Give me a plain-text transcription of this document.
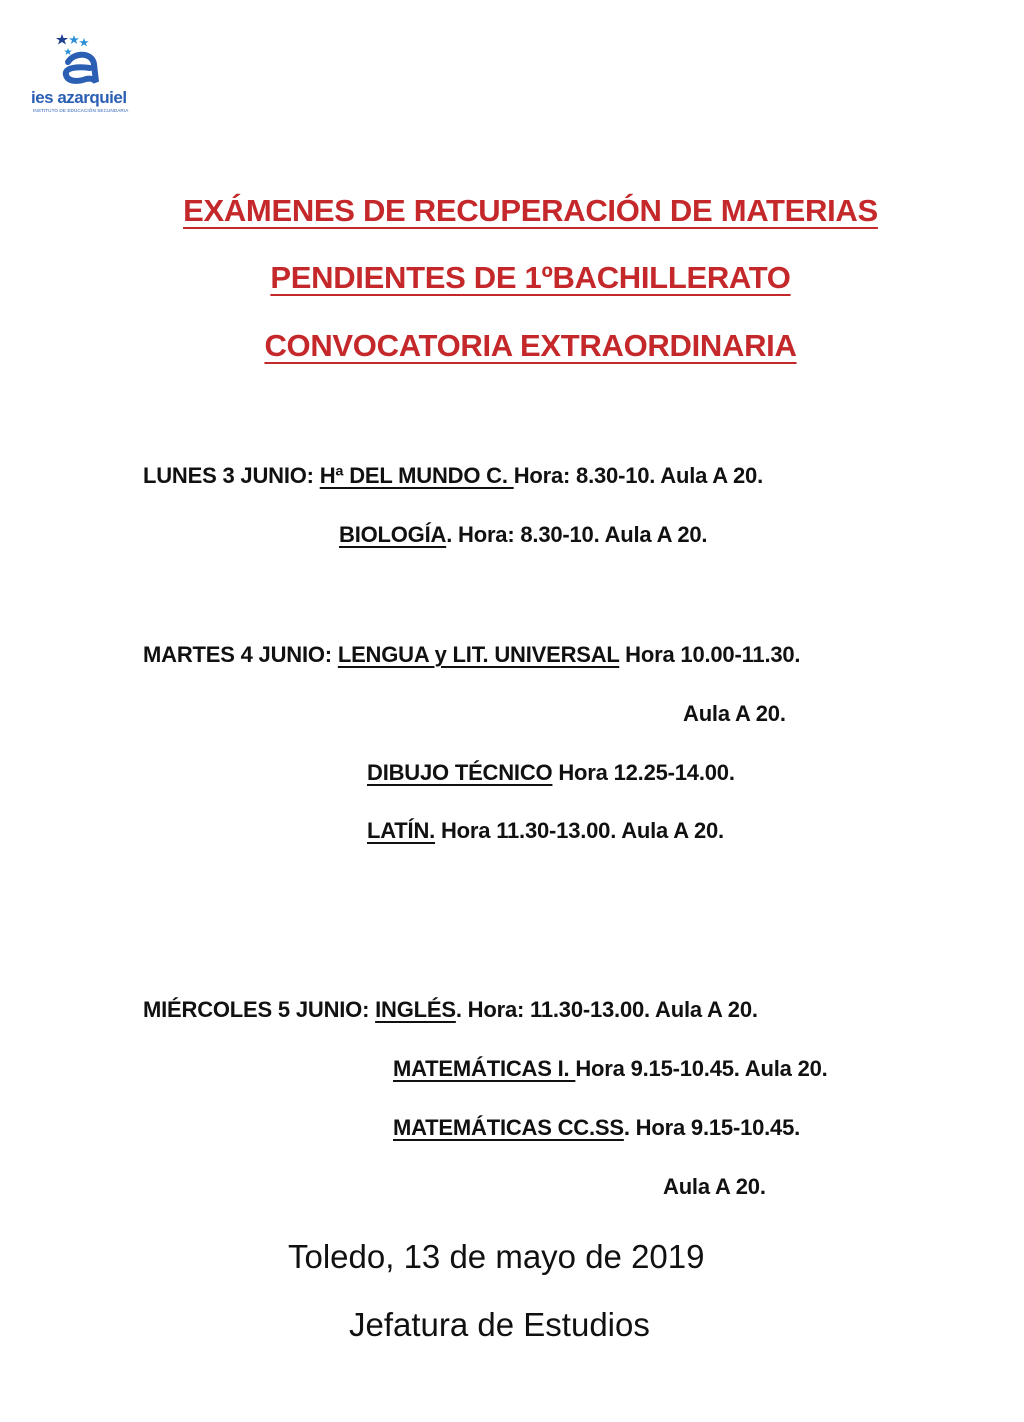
ies azarquiel
INSTITUTO DE EDUCACIÓN SECUNDARIA
EXÁMENES DE RECUPERACIÓN DE MATERIAS
PENDIENTES DE 1ºBACHILLERATO
CONVOCATORIA EXTRAORDINARIA
LUNES 3 JUNIO: Hª DEL MUNDO C. Hora: 8.30-10. Aula A 20.
BIOLOGÍA. Hora: 8.30-10. Aula A 20.
MARTES 4 JUNIO: LENGUA y LIT. UNIVERSAL Hora 10.00-11.30.
Aula A 20.
DIBUJO TÉCNICO Hora 12.25-14.00.
LATÍN. Hora 11.30-13.00. Aula A 20.
MIÉRCOLES 5 JUNIO: INGLÉS. Hora: 11.30-13.00. Aula A 20.
MATEMÁTICAS I. Hora 9.15-10.45. Aula 20.
MATEMÁTICAS CC.SS. Hora 9.15-10.45.
Aula A 20.
Toledo, 13 de mayo de 2019
Jefatura de Estudios
